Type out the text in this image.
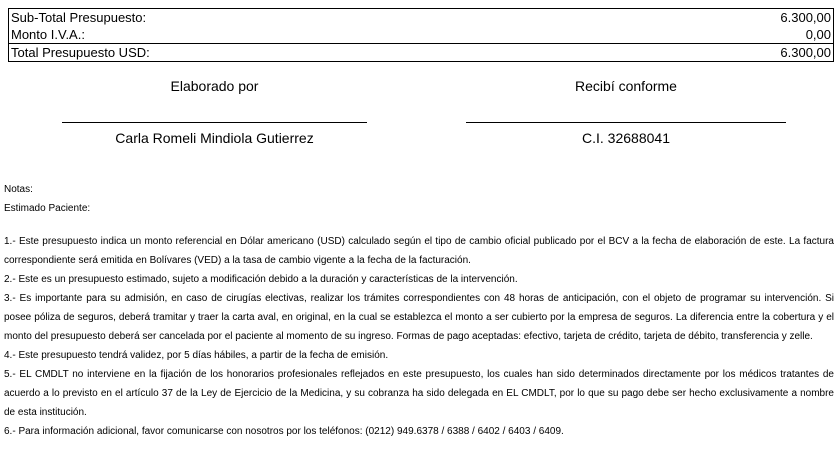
Sub-Total Presupuesto:	6.300,00
Monto I.V.A.:	0,00
Total Presupuesto USD:	6.300,00
Elaborado por	Recibí conforme
Carla Romeli Mindiola Gutierrez	C.I. 32688041

Notas:

Estimado Paciente:

1.- Este presupuesto indica un monto referencial en Dólar americano (USD) calculado según el tipo de cambio oficial publicado por el BCV a la fecha de elaboración de este. La factura correspondiente será emitida en Bolívares (VED) a la tasa de cambio vigente a la fecha de la facturación.

2.- Este es un presupuesto estimado, sujeto a modificación debido a la duración y características de la intervención.

3.- Es importante para su admisión, en caso de cirugías electivas, realizar los trámites correspondientes con 48 horas de anticipación, con el objeto de programar su intervención. Si posee póliza de seguros, deberá tramitar y traer la carta aval, en original, en la cual se establezca el monto a ser cubierto por la empresa de seguros. La diferencia entre la cobertura y el monto del presupuesto deberá ser cancelada por el paciente al momento de su ingreso. Formas de pago aceptadas: efectivo, tarjeta de crédito, tarjeta de débito, transferencia y zelle.

4.- Este presupuesto tendrá validez, por 5 días hábiles, a partir de la fecha de emisión.

5.- EL CMDLT no interviene en la fijación de los honorarios profesionales reflejados en este presupuesto, los cuales han sido determinados directamente por los médicos tratantes de acuerdo a lo previsto en el artículo 37 de la Ley de Ejercicio de la Medicina, y su cobranza ha sido delegada en EL CMDLT, por lo que su pago debe ser hecho exclusivamente a nombre de esta institución.

6.- Para información adicional, favor comunicarse con nosotros por los teléfonos: (0212) 949.6378 / 6388 / 6402 / 6403 / 6409.
